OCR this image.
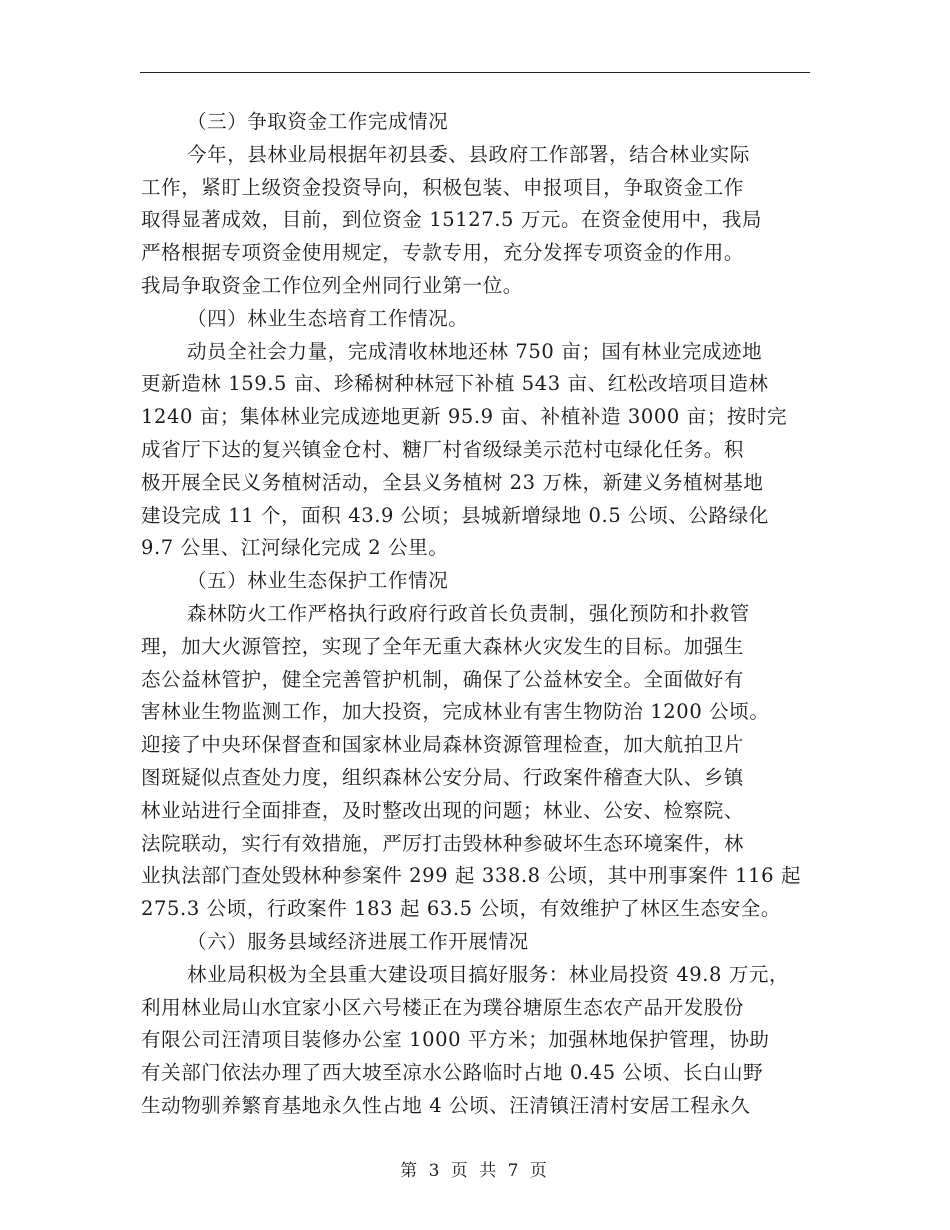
（三）争取资金工作完成情况
今年，县林业局根据年初县委、县政府工作部署，结合林业实际
工作，紧盯上级资金投资导向，积极包装、申报项目，争取资金工作
取得显著成效，目前，到位资金 15127.5 万元。在资金使用中，我局
严格根据专项资金使用规定，专款专用，充分发挥专项资金的作用。
我局争取资金工作位列全州同行业第一位。
（四）林业生态培育工作情况。
动员全社会力量，完成清收林地还林 750 亩；国有林业完成迹地
更新造林 159.5 亩、珍稀树种林冠下补植 543 亩、红松改培项目造林
1240 亩；集体林业完成迹地更新 95.9 亩、补植补造 3000 亩；按时完
成省厅下达的复兴镇金仓村、糖厂村省级绿美示范村屯绿化任务。积
极开展全民义务植树活动，全县义务植树 23 万株，新建义务植树基地
建设完成 11 个，面积 43.9 公顷；县城新增绿地 0.5 公顷、公路绿化
9.7 公里、江河绿化完成 2 公里。
（五）林业生态保护工作情况
森林防火工作严格执行政府行政首长负责制，强化预防和扑救管
理，加大火源管控，实现了全年无重大森林火灾发生的目标。加强生
态公益林管护，健全完善管护机制，确保了公益林安全。全面做好有
害林业生物监测工作，加大投资，完成林业有害生物防治 1200 公顷。
迎接了中央环保督查和国家林业局森林资源管理检查，加大航拍卫片
图斑疑似点查处力度，组织森林公安分局、行政案件稽查大队、乡镇
林业站进行全面排查，及时整改出现的问题；林业、公安、检察院、
法院联动，实行有效措施，严厉打击毁林种参破坏生态环境案件，林
业执法部门查处毁林种参案件 299 起 338.8 公顷，其中刑事案件 116 起
275.3 公顷，行政案件 183 起 63.5 公顷，有效维护了林区生态安全。
（六）服务县域经济进展工作开展情况
林业局积极为全县重大建设项目搞好服务：林业局投资 49.8 万元，
利用林业局山水宜家小区六号楼正在为璞谷塘原生态农产品开发股份
有限公司汪清项目装修办公室 1000 平方米；加强林地保护管理，协助
有关部门依法办理了西大坡至凉水公路临时占地 0.45 公顷、长白山野
生动物驯养繁育基地永久性占地 4 公顷、汪清镇汪清村安居工程永久
第 3 页 共 7 页
